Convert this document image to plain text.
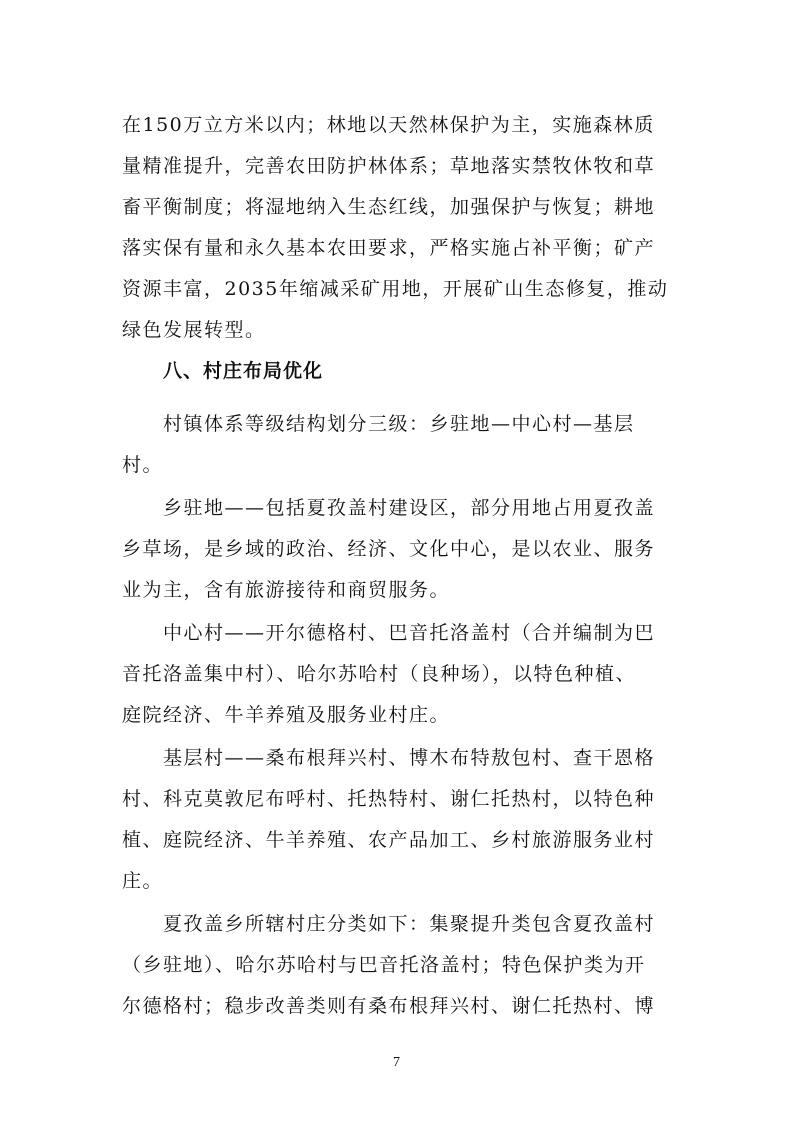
在150万立方米以内；林地以天然林保护为主，实施森林质
量精准提升，完善农田防护林体系；草地落实禁牧休牧和草
畜平衡制度；将湿地纳入生态红线，加强保护与恢复；耕地
落实保有量和永久基本农田要求，严格实施占补平衡；矿产
资源丰富，2035年缩减采矿用地，开展矿山生态修复，推动
绿色发展转型。
八、村庄布局优化
村镇体系等级结构划分三级：乡驻地—中心村—基层
村。
乡驻地——包括夏孜盖村建设区，部分用地占用夏孜盖
乡草场，是乡域的政治、经济、文化中心，是以农业、服务
业为主，含有旅游接待和商贸服务。
中心村——开尔德格村、巴音托洛盖村（合并编制为巴
音托洛盖集中村）、哈尔苏哈村（良种场），以特色种植、
庭院经济、牛羊养殖及服务业村庄。
基层村——桑布根拜兴村、博木布特敖包村、查干恩格
村、科克莫敦尼布呼村、托热特村、谢仁托热村，以特色种
植、庭院经济、牛羊养殖、农产品加工、乡村旅游服务业村
庄。
夏孜盖乡所辖村庄分类如下：集聚提升类包含夏孜盖村
（乡驻地）、哈尔苏哈村与巴音托洛盖村；特色保护类为开
尔德格村；稳步改善类则有桑布根拜兴村、谢仁托热村、博
7
